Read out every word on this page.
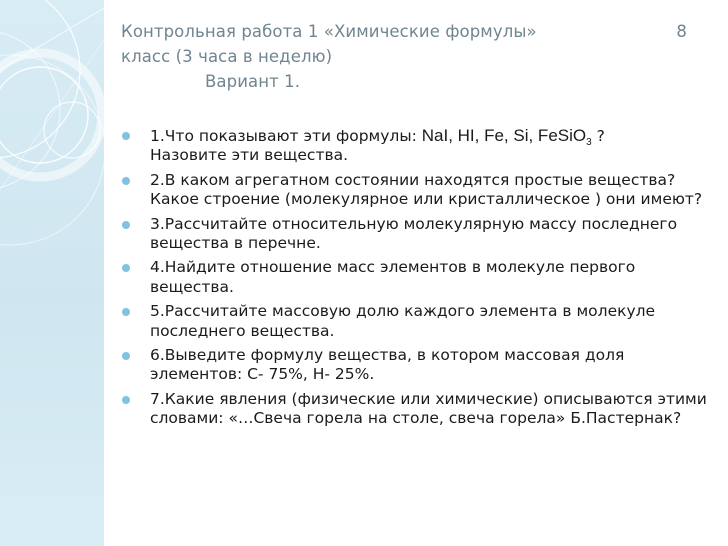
Контрольная работа 1 «Химические формулы»	8
класс (3 часа в неделю)
Вариант 1.
1.Что показывают эти формулы: NaI, HI, Fe, Si, FeSiO$_3$ ?
Назовите эти вещества.
2.В каком агрегатном состоянии находятся простые вещества? Какое строение (молекулярное или кристаллическое ) они имеют?
3.Рассчитайте относительную молекулярную массу последнего вещества в перечне.
4.Найдите отношение масс элементов в молекуле первого вещества.
5.Рассчитайте массовую долю каждого элемента в молекуле последнего вещества.
6.Выведите формулу вещества, в котором массовая доля элементов: С- 75%, Н- 25%.
7.Какие явления (физические или химические) описываются этими словами: «…Свеча горела на столе, свеча горела» Б.Пастернак?
